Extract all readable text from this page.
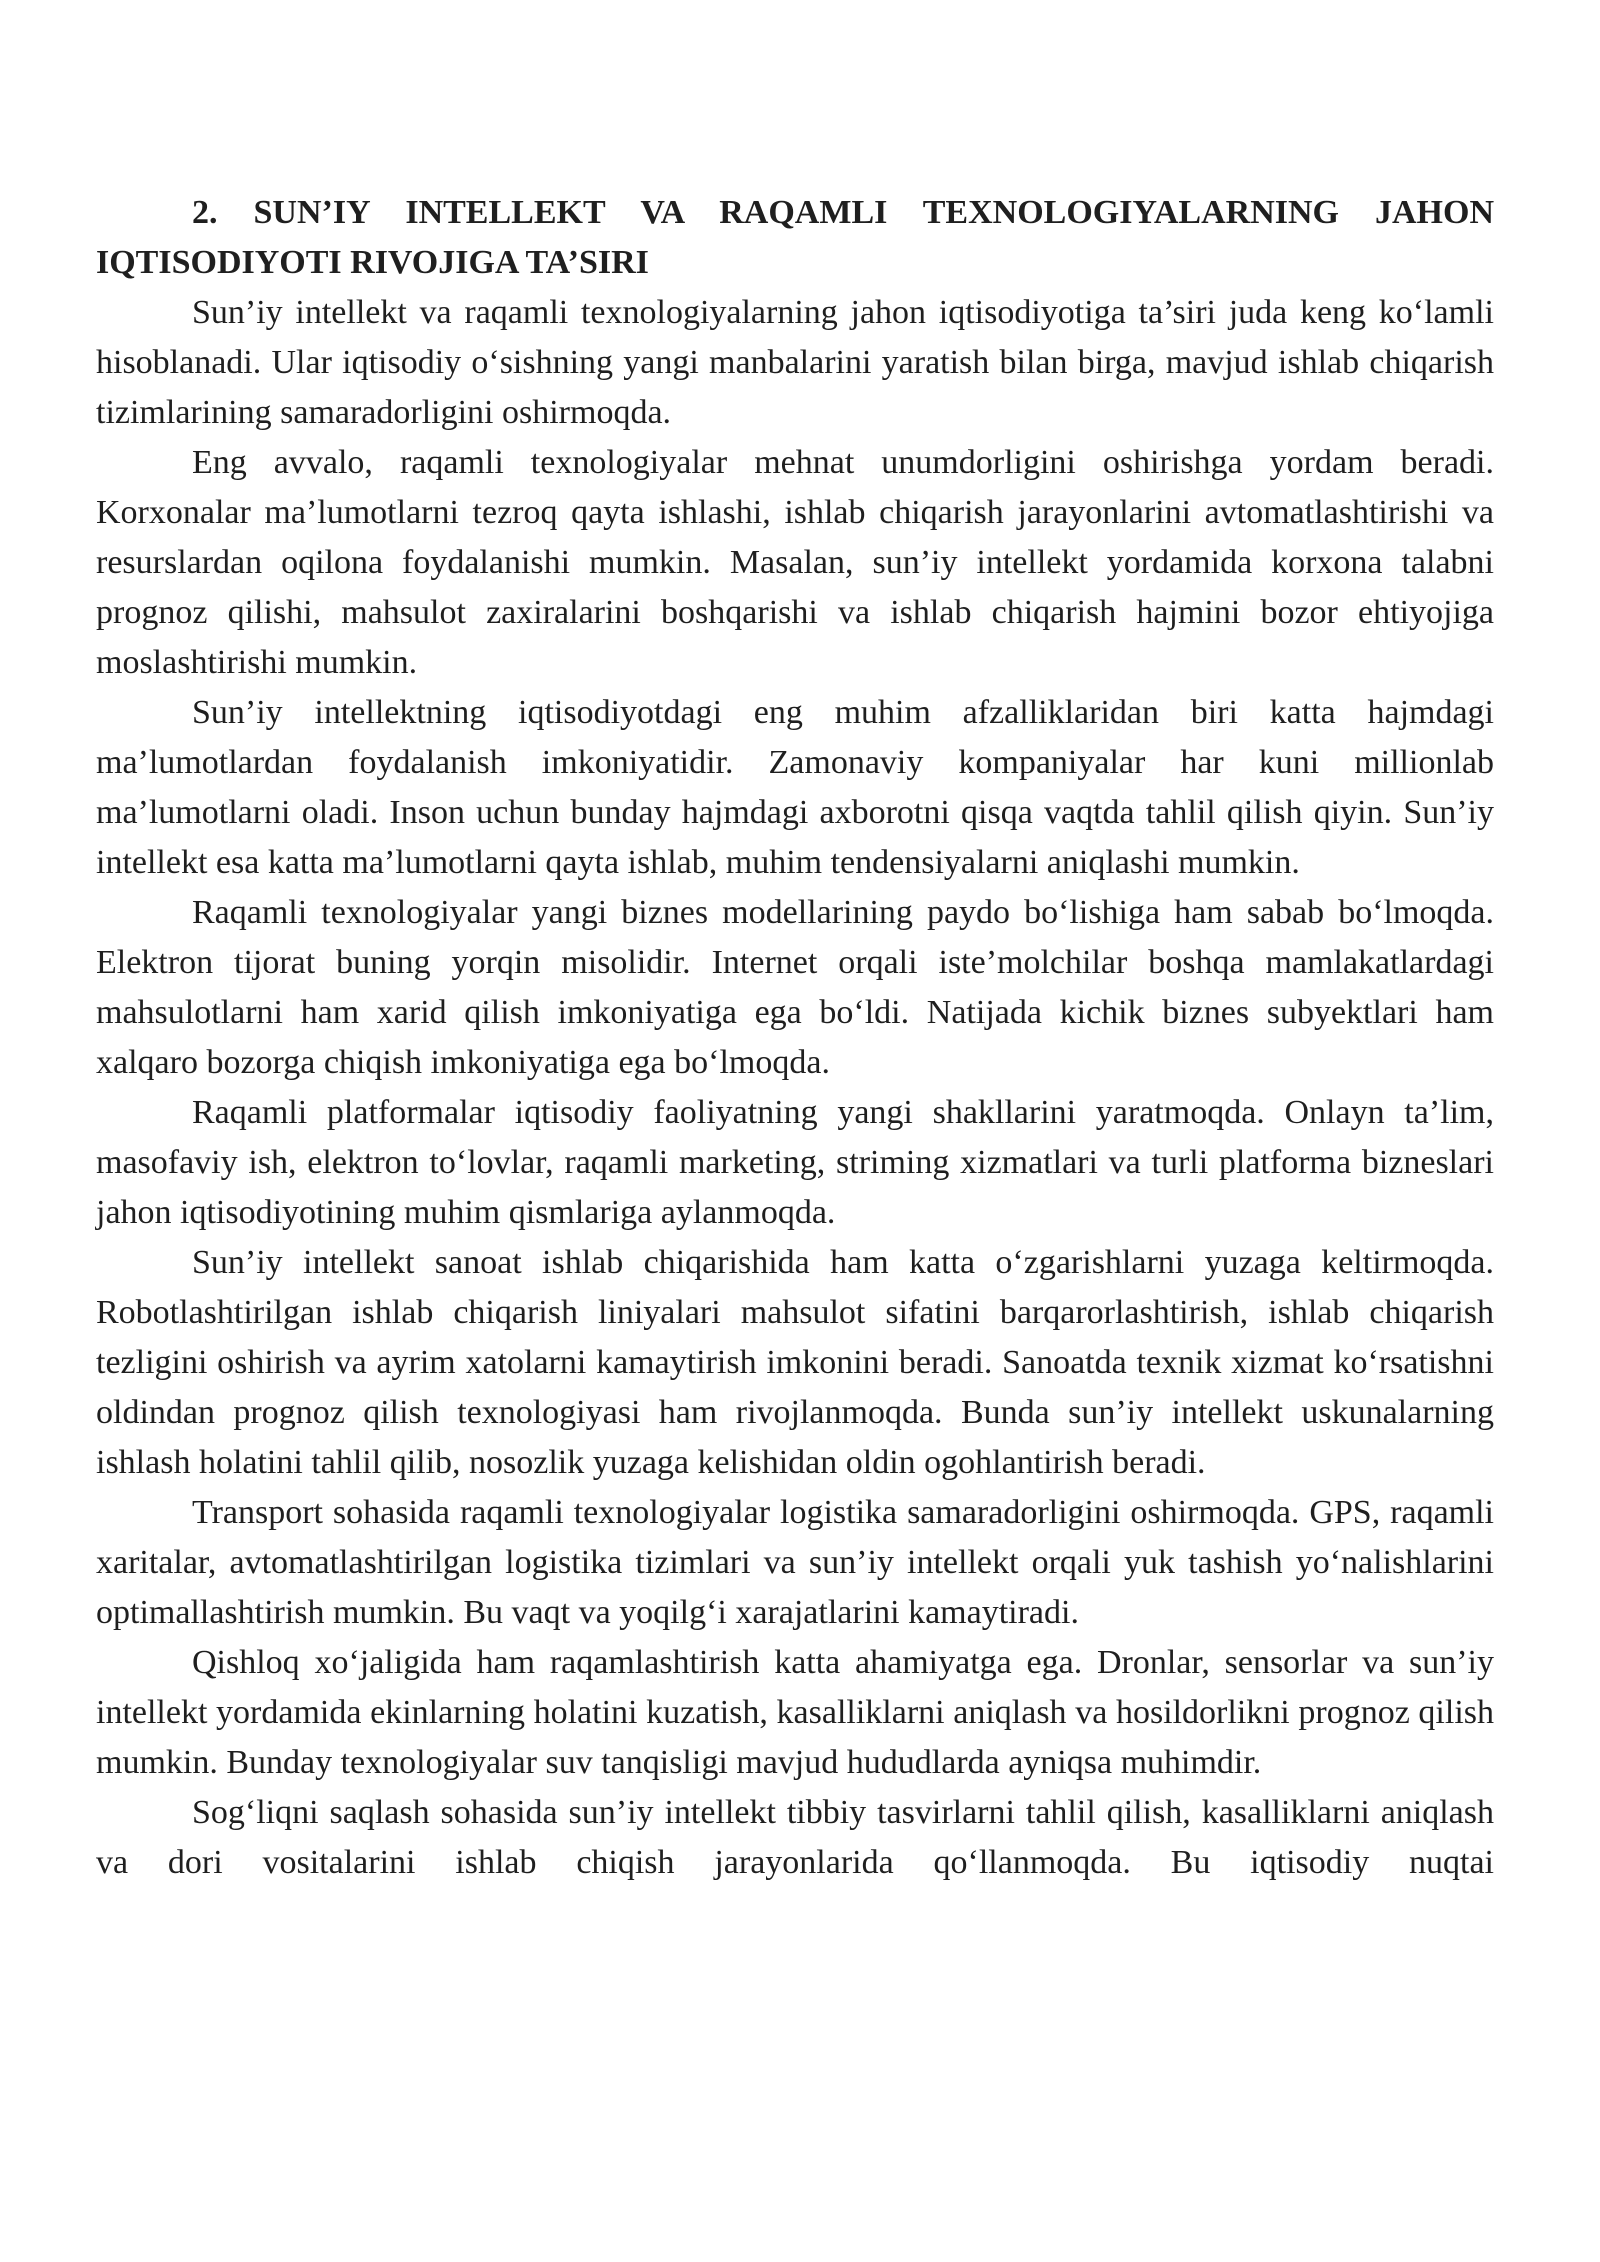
2. SUN’IY INTELLEKT VA RAQAMLI TEXNOLOGIYALARNING JAHON IQTISODIYOTI RIVOJIGA TA’SIRI

Sun’iy intellekt va raqamli texnologiyalarning jahon iqtisodiyotiga ta’siri juda keng ko‘lamli hisoblanadi. Ular iqtisodiy o‘sishning yangi manbalarini yaratish bilan birga, mavjud ishlab chiqarish tizimlarining samaradorligini oshirmoqda.

Eng avvalo, raqamli texnologiyalar mehnat unumdorligini oshirishga yordam beradi. Korxonalar ma’lumotlarni tezroq qayta ishlashi, ishlab chiqarish jarayonlarini avtomatlashtirishi va resurslardan oqilona foydalanishi mumkin. Masalan, sun’iy intellekt yordamida korxona talabni prognoz qilishi, mahsulot zaxiralarini boshqarishi va ishlab chiqarish hajmini bozor ehtiyojiga moslashtirishi mumkin.

Sun’iy intellektning iqtisodiyotdagi eng muhim afzalliklaridan biri katta hajmdagi ma’lumotlardan foydalanish imkoniyatidir. Zamonaviy kompaniyalar har kuni millionlab ma’lumotlarni oladi. Inson uchun bunday hajmdagi axborotni qisqa vaqtda tahlil qilish qiyin. Sun’iy intellekt esa katta ma’lumotlarni qayta ishlab, muhim tendensiyalarni aniqlashi mumkin.

Raqamli texnologiyalar yangi biznes modellarining paydo bo‘lishiga ham sabab bo‘lmoqda. Elektron tijorat buning yorqin misolidir. Internet orqali iste’molchilar boshqa mamlakatlardagi mahsulotlarni ham xarid qilish imkoniyatiga ega bo‘ldi. Natijada kichik biznes subyektlari ham xalqaro bozorga chiqish imkoniyatiga ega bo‘lmoqda.

Raqamli platformalar iqtisodiy faoliyatning yangi shakllarini yaratmoqda. Onlayn ta’lim, masofaviy ish, elektron to‘lovlar, raqamli marketing, striming xizmatlari va turli platforma bizneslari jahon iqtisodiyotining muhim qismlariga aylanmoqda.

Sun’iy intellekt sanoat ishlab chiqarishida ham katta o‘zgarishlarni yuzaga keltirmoqda. Robotlashtirilgan ishlab chiqarish liniyalari mahsulot sifatini barqarorlashtirish, ishlab chiqarish tezligini oshirish va ayrim xatolarni kamaytirish imkonini beradi. Sanoatda texnik xizmat ko‘rsatishni oldindan prognoz qilish texnologiyasi ham rivojlanmoqda. Bunda sun’iy intellekt uskunalarning ishlash holatini tahlil qilib, nosozlik yuzaga kelishidan oldin ogohlantirish beradi.

Transport sohasida raqamli texnologiyalar logistika samaradorligini oshirmoqda. GPS, raqamli xaritalar, avtomatlashtirilgan logistika tizimlari va sun’iy intellekt orqali yuk tashish yo‘nalishlarini optimallashtirish mumkin. Bu vaqt va yoqilg‘i xarajatlarini kamaytiradi.

Qishloq xo‘jaligida ham raqamlashtirish katta ahamiyatga ega. Dronlar, sensorlar va sun’iy intellekt yordamida ekinlarning holatini kuzatish, kasalliklarni aniqlash va hosildorlikni prognoz qilish mumkin. Bunday texnologiyalar suv tanqisligi mavjud hududlarda ayniqsa muhimdir.

Sog‘liqni saqlash sohasida sun’iy intellekt tibbiy tasvirlarni tahlil qilish, kasalliklarni aniqlash va dori vositalarini ishlab chiqish jarayonlarida qo‘llanmoqda. Bu iqtisodiy nuqtai
